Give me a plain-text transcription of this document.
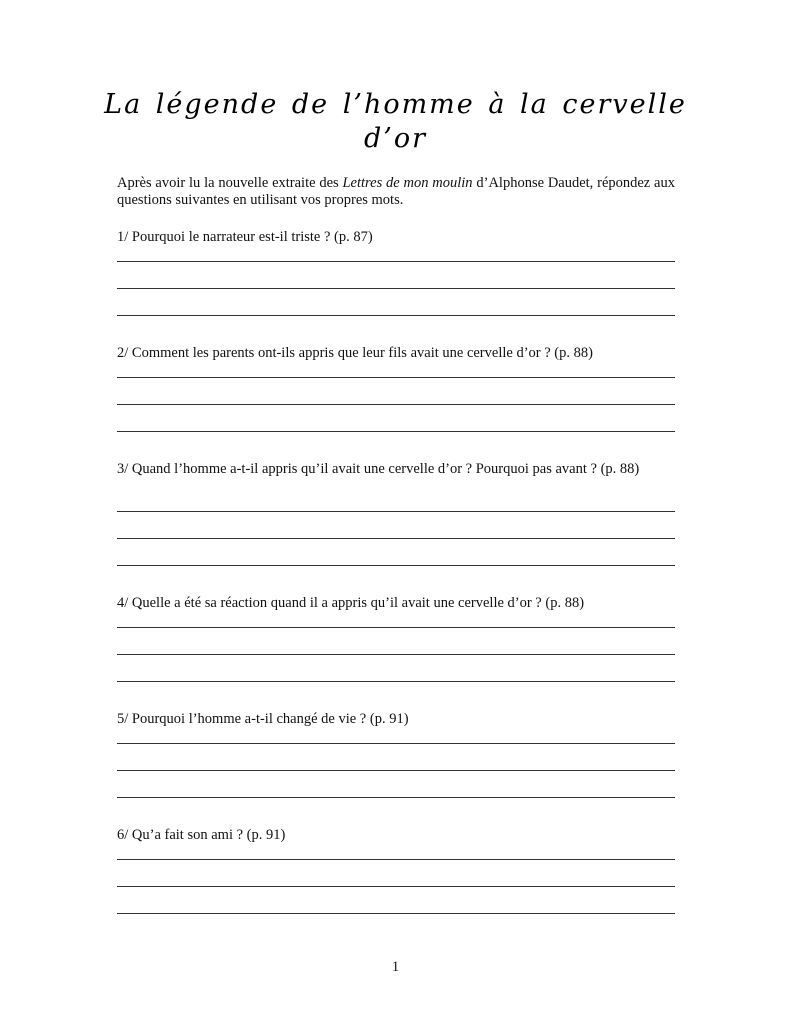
La légende de l’homme à la cervelle
d’or
Après avoir lu la nouvelle extraite des Lettres de mon moulin d’Alphonse Daudet, répondez aux questions suivantes en utilisant vos propres mots.
1/ Pourquoi le narrateur est-il triste ? (p. 87)
2/ Comment les parents ont-ils appris que leur fils avait une cervelle d’or ? (p. 88)
3/ Quand l’homme a-t-il appris qu’il avait une cervelle d’or ? Pourquoi pas avant ? (p. 88)
4/ Quelle a été sa réaction quand il a appris qu’il avait une cervelle d’or ? (p. 88)
5/ Pourquoi l’homme a-t-il changé de vie ? (p. 91)
6/ Qu’a fait son ami ? (p. 91)
1
